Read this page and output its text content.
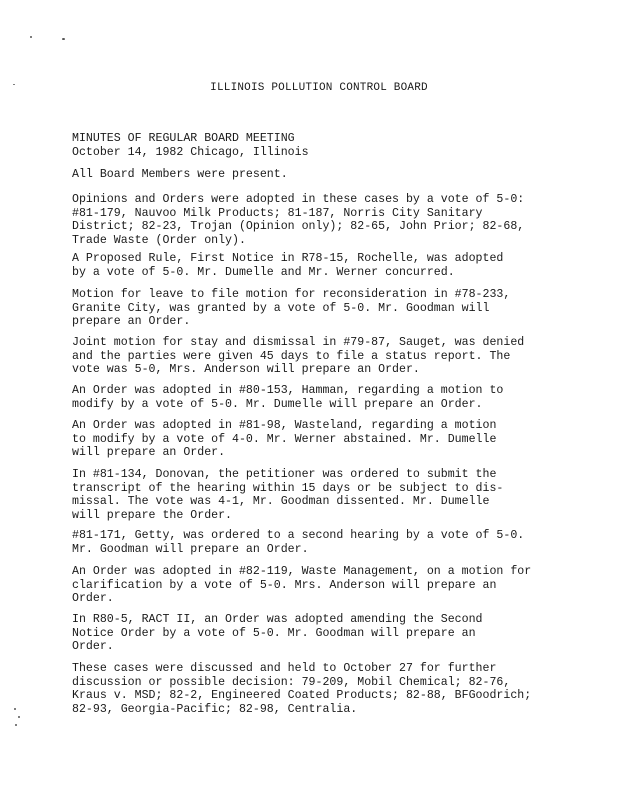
ILLINOIS POLLUTION CONTROL BOARD
MINUTES OF REGULAR BOARD MEETING
October 14, 1982 Chicago, Illinois
All Board Members were present.
Opinions and Orders were adopted in these cases by a vote of 5-0:
#81-179, Nauvoo Milk Products; 81-187, Norris City Sanitary
District; 82-23, Trojan (Opinion only); 82-65, John Prior; 82-68,
Trade Waste (Order only).
A Proposed Rule, First Notice in R78-15, Rochelle, was adopted
by a vote of 5-0. Mr. Dumelle and Mr. Werner concurred.
Motion for leave to file motion for reconsideration in #78-233,
Granite City, was granted by a vote of 5-0. Mr. Goodman will
prepare an Order.
Joint motion for stay and dismissal in #79-87, Sauget, was denied
and the parties were given 45 days to file a status report. The
vote was 5-0, Mrs. Anderson will prepare an Order.
An Order was adopted in #80-153, Hamman, regarding a motion to
modify by a vote of 5-0. Mr. Dumelle will prepare an Order.
An Order was adopted in #81-98, Wasteland, regarding a motion
to modify by a vote of 4-0. Mr. Werner abstained. Mr. Dumelle
will prepare an Order.
In #81-134, Donovan, the petitioner was ordered to submit the
transcript of the hearing within 15 days or be subject to dis-
missal. The vote was 4-1, Mr. Goodman dissented. Mr. Dumelle
will prepare the Order.
#81-171, Getty, was ordered to a second hearing by a vote of 5-0.
Mr. Goodman will prepare an Order.
An Order was adopted in #82-119, Waste Management, on a motion for
clarification by a vote of 5-0. Mrs. Anderson will prepare an
Order.
In R80-5, RACT II, an Order was adopted amending the Second
Notice Order by a vote of 5-0. Mr. Goodman will prepare an
Order.
These cases were discussed and held to October 27 for further
discussion or possible decision: 79-209, Mobil Chemical; 82-76,
Kraus v. MSD; 82-2, Engineered Coated Products; 82-88, BFGoodrich;
82-93, Georgia-Pacific; 82-98, Centralia.
